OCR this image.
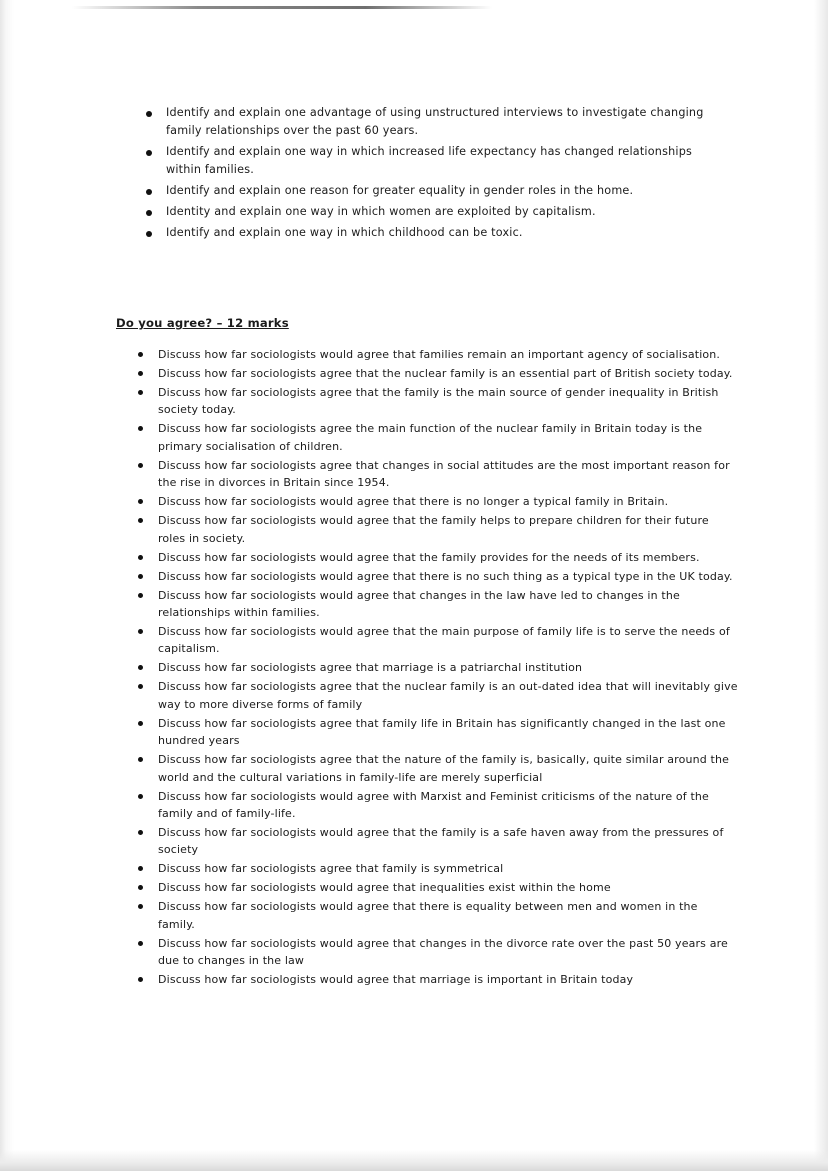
Identify and explain one advantage of using unstructured interviews to investigate changing family relationships over the past 60 years.
Identify and explain one way in which increased life expectancy has changed relationships within families.
Identify and explain one reason for greater equality in gender roles in the home.
Identity and explain one way in which women are exploited by capitalism.
Identify and explain one way in which childhood can be toxic.
Do you agree? – 12 marks
Discuss how far sociologists would agree that families remain an important agency of socialisation.
Discuss how far sociologists agree that the nuclear family is an essential part of British society today.
Discuss how far sociologists agree that the family is the main source of gender inequality in British society today.
Discuss how far sociologists agree the main function of the nuclear family in Britain today is the primary socialisation of children.
Discuss how far sociologists agree that changes in social attitudes are the most important reason for the rise in divorces in Britain since 1954.
Discuss how far sociologists would agree that there is no longer a typical family in Britain.
Discuss how far sociologists would agree that the family helps to prepare children for their future roles in society.
Discuss how far sociologists would agree that the family provides for the needs of its members.
Discuss how far sociologists would agree that there is no such thing as a typical type in the UK today.
Discuss how far sociologists would agree that changes in the law have led to changes in the relationships within families.
Discuss how far sociologists would agree that the main purpose of family life is to serve the needs of capitalism.
Discuss how far sociologists agree that marriage is a patriarchal institution
Discuss how far sociologists agree that the nuclear family is an out-dated idea that will inevitably give way to more diverse forms of family
Discuss how far sociologists agree that family life in Britain has significantly changed in the last one hundred years
Discuss how far sociologists agree that the nature of the family is, basically, quite similar around the world and the cultural variations in family-life are merely superficial
Discuss how far sociologists would agree with Marxist and Feminist criticisms of the nature of the family and of family-life.
Discuss how far sociologists would agree that the family is a safe haven away from the pressures of society
Discuss how far sociologists agree that family is symmetrical
Discuss how far sociologists would agree that inequalities exist within the home
Discuss how far sociologists would agree that there is equality between men and women in the family.
Discuss how far sociologists would agree that changes in the divorce rate over the past 50 years are due to changes in the law
Discuss how far sociologists would agree that marriage is important in Britain today
